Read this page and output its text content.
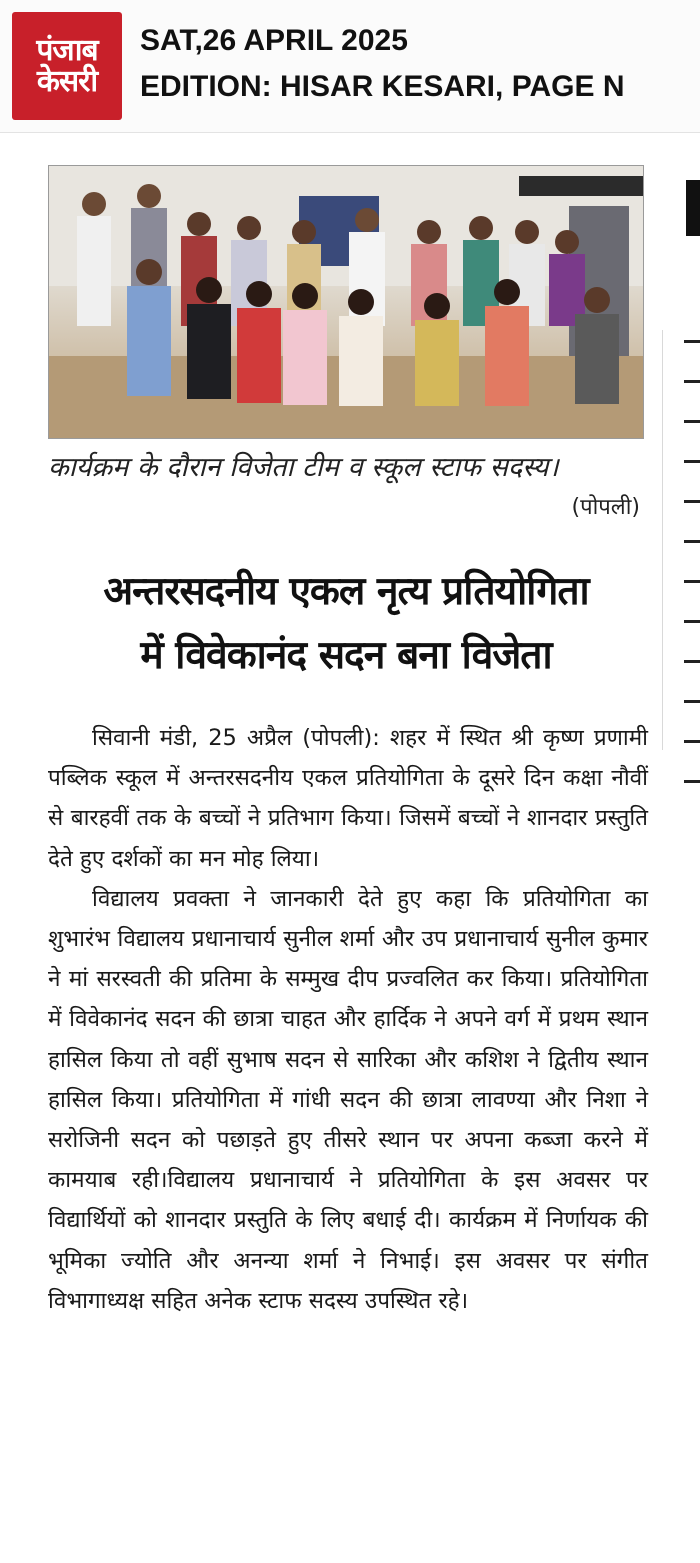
पंजाब
केसरी
SAT,26 APRIL 2025
EDITION: HISAR KESARI, PAGE N
कार्यक्रम के दौरान विजेता टीम व स्कूल स्टाफ सदस्य।
(पोपली)
अन्तरसदनीय एकल नृत्य प्रतियोगिता
में विवेकानंद सदन बना विजेता

सिवानी मंडी, 25 अप्रैल (पोपली): शहर में स्थित श्री कृष्ण प्रणामी पब्लिक स्कूल में अन्तरसदनीय एकल प्रतियोगिता के दूसरे दिन कक्षा नौवीं से बारहवीं तक के बच्चों ने प्रतिभाग किया। जिसमें बच्चों ने शानदार प्रस्तुति देते हुए दर्शकों का मन मोह लिया।

विद्यालय प्रवक्ता ने जानकारी देते हुए कहा कि प्रतियोगिता का शुभारंभ विद्यालय प्रधानाचार्य सुनील शर्मा और उप प्रधानाचार्य सुनील कुमार ने मां सरस्वती की प्रतिमा के सम्मुख दीप प्रज्वलित कर किया। प्रतियोगिता में विवेकानंद सदन की छात्रा चाहत और हार्दिक ने अपने वर्ग में प्रथम स्थान हासिल किया तो वहीं सुभाष सदन से सारिका और कशिश ने द्वितीय स्थान हासिल किया। प्रतियोगिता में गांधी सदन की छात्रा लावण्या और निशा ने सरोजिनी सदन को पछाड़ते हुए तीसरे स्थान पर अपना कब्जा करने में कामयाब रही।विद्यालय प्रधानाचार्य ने प्रतियोगिता के इस अवसर पर विद्यार्थियों को शानदार प्रस्तुति के लिए बधाई दी। कार्यक्रम में निर्णायक की भूमिका ज्योति और अनन्या शर्मा ने निभाई। इस अवसर पर संगीत विभागाध्यक्ष सहित अनेक स्टाफ सदस्य उपस्थित रहे।
